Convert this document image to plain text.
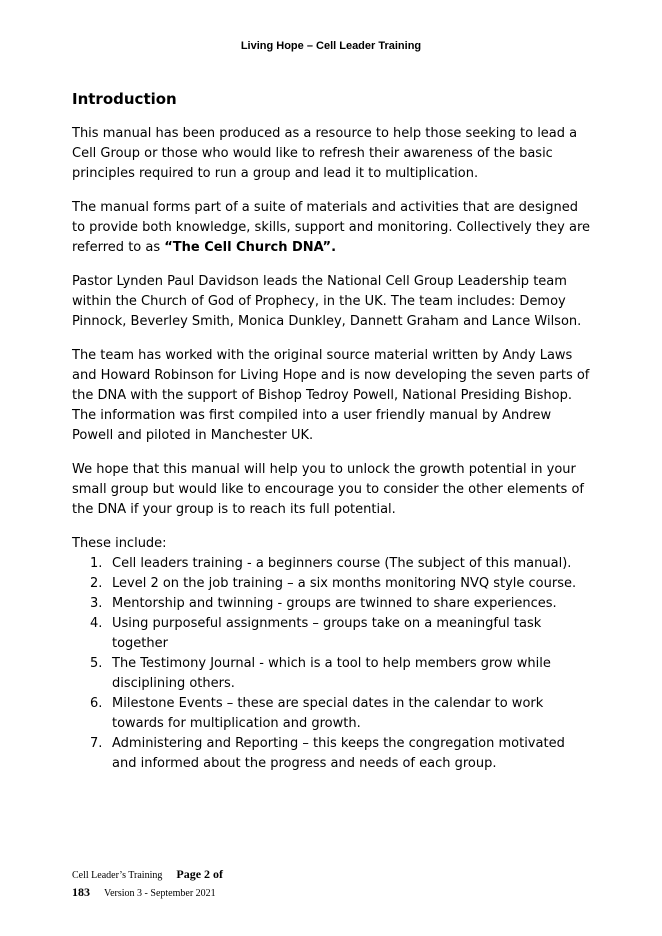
Living Hope – Cell Leader Training
Introduction

This manual has been produced as a resource to help those seeking to lead a Cell Group or those who would like to refresh their awareness of the basic principles required to run a group and lead it to multiplication.

The manual forms part of a suite of materials and activities that are designed to provide both knowledge, skills, support and monitoring. Collectively they are referred to as “The Cell Church DNA”.

Pastor Lynden Paul Davidson leads the National Cell Group Leadership team within the Church of God of Prophecy, in the UK. The team includes: Demoy Pinnock, Beverley Smith, Monica Dunkley, Dannett Graham and Lance Wilson.

The team has worked with the original source material written by Andy Laws and Howard Robinson for Living Hope and is now developing the seven parts of the DNA with the support of Bishop Tedroy Powell, National Presiding Bishop. The information was first compiled into a user friendly manual by Andrew Powell and piloted in Manchester UK.

We hope that this manual will help you to unlock the growth potential in your small group but would like to encourage you to consider the other elements of the DNA if your group is to reach its full potential.

These include:

1. Cell leaders training - a beginners course (The subject of this manual).
2. Level 2 on the job training – a six months monitoring NVQ style course.
3. Mentorship and twinning - groups are twinned to share experiences.
4. Using purposeful assignments – groups take on a meaningful task together
5. The Testimony Journal - which is a tool to help members grow while disciplining others.
6. Milestone Events – these are special dates in the calendar to work towards for multiplication and growth.
7. Administering and Reporting – this keeps the congregation motivated and informed about the progress and needs of each group.
Cell Leader’s Training Page 2 of
183 Version 3 - September 2021
